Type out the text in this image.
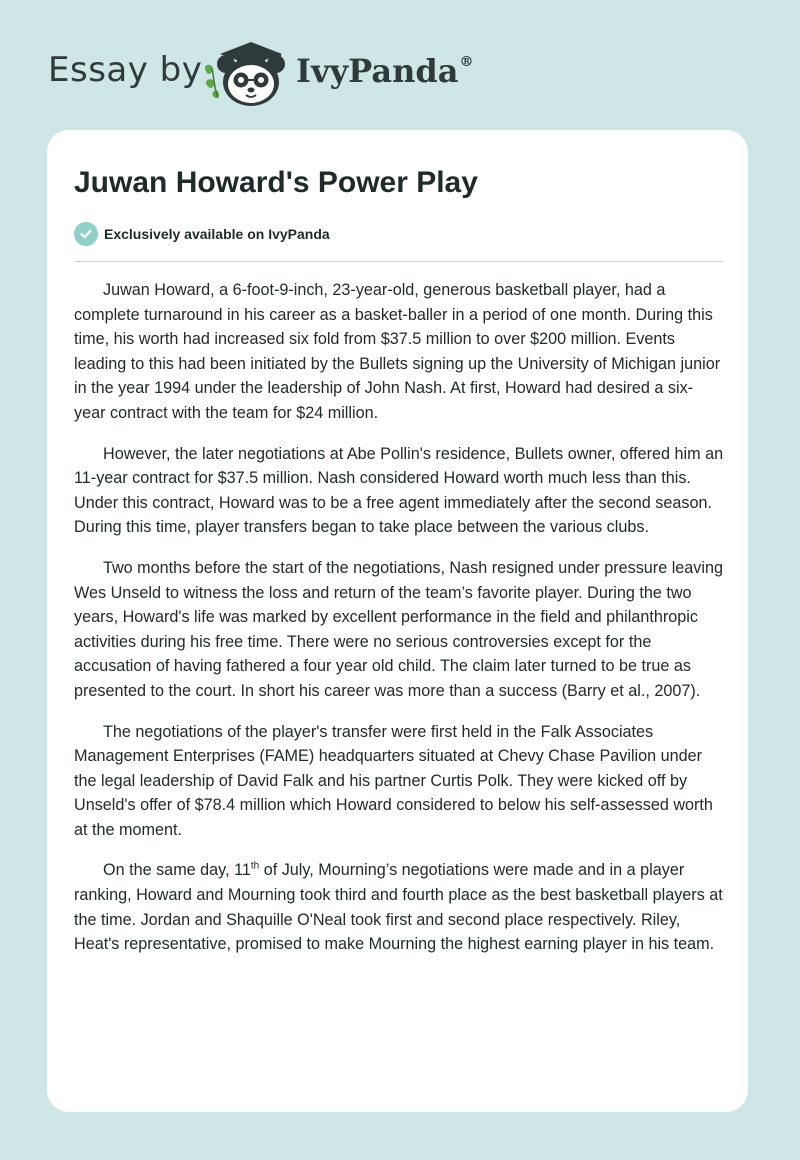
Essay by	IvyPanda®
Juwan Howard's Power Play
Exclusively available on IvyPanda

Juwan Howard, a 6-foot-9-inch, 23-year-old, generous basketball player, had a complete turnaround in his career as a basket-baller in a period of one month. During this time, his worth had increased six fold from $37.5 million to over $200 million. Events leading to this had been initiated by the Bullets signing up the University of Michigan junior in the year 1994 under the leadership of John Nash. At first, Howard had desired a six-year contract with the team for $24 million.

However, the later negotiations at Abe Pollin's residence, Bullets owner, offered him an 11-year contract for $37.5 million. Nash considered Howard worth much less than this. Under this contract, Howard was to be a free agent immediately after the second season. During this time, player transfers began to take place between the various clubs.

Two months before the start of the negotiations, Nash resigned under pressure leaving Wes Unseld to witness the loss and return of the team’s favorite player. During the two years, Howard's life was marked by excellent performance in the field and philanthropic activities during his free time. There were no serious controversies except for the accusation of having fathered a four year old child. The claim later turned to be true as presented to the court. In short his career was more than a success (Barry et al., 2007).

The negotiations of the player's transfer were first held in the Falk Associates Management Enterprises (FAME) headquarters situated at Chevy Chase Pavilion under the legal leadership of David Falk and his partner Curtis Polk. They were kicked off by Unseld's offer of $78.4 million which Howard considered to below his self-assessed worth at the moment.

On the same day, 11th of July, Mourning’s negotiations were made and in a player ranking, Howard and Mourning took third and fourth place as the best basketball players at the time. Jordan and Shaquille O'Neal took first and second place respectively. Riley, Heat's representative, promised to make Mourning the highest earning player in his team.
